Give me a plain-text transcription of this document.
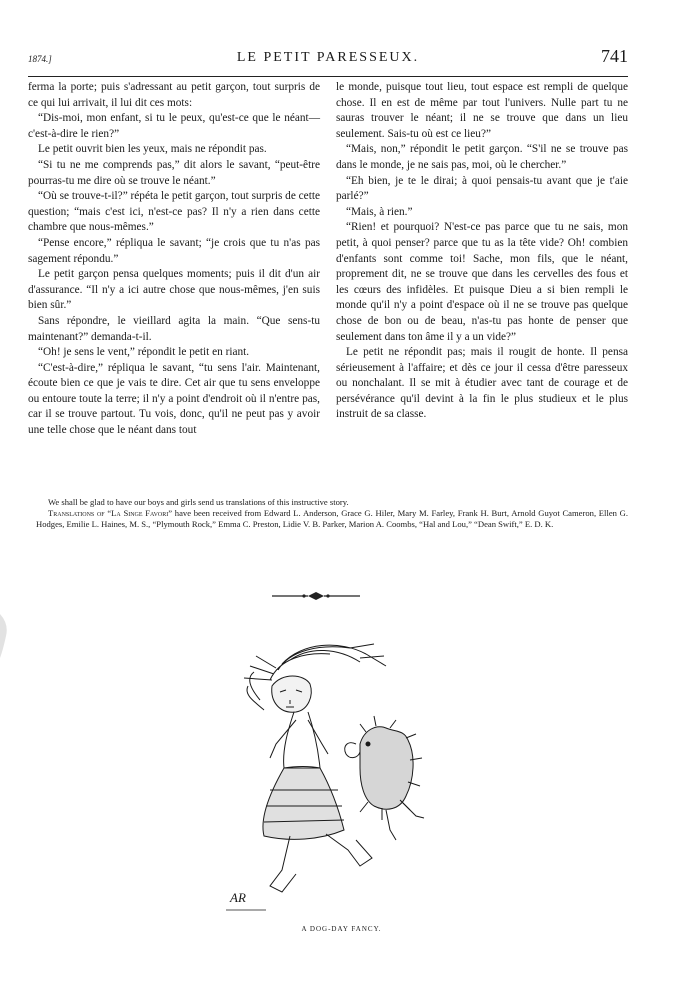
1874.]	LE PETIT PARESSEUX.	741

ferma la porte; puis s'adressant au petit garçon, tout surpris de ce qui lui arrivait, il lui dit ces mots:

“Dis-moi, mon enfant, si tu le peux, qu'est-ce que le néant—c'est-à-dire le rien?”

Le petit ouvrit bien les yeux, mais ne répondit pas.

“Si tu ne me comprends pas,” dit alors le savant, “peut-être pourras-tu me dire où se trouve le néant.”

“Où se trouve-t-il?” répéta le petit garçon, tout surpris de cette question; “mais c'est ici, n'est-ce pas? Il n'y a rien dans cette chambre que nous-mêmes.”

“Pense encore,” répliqua le savant; “je crois que tu n'as pas sagement répondu.”

Le petit garçon pensa quelques moments; puis il dit d'un air d'assurance. “Il n'y a ici autre chose que nous-mêmes, j'en suis bien sûr.”

Sans répondre, le vieillard agita la main. “Que sens-tu maintenant?” demanda-t-il.

“Oh! je sens le vent,” répondit le petit en riant.

“C'est-à-dire,” répliqua le savant, “tu sens l'air. Maintenant, écoute bien ce que je vais te dire. Cet air que tu sens enveloppe ou entoure toute la terre; il n'y a point d'endroit où il n'entre pas, car il se trouve partout. Tu vois, donc, qu'il ne peut pas y avoir une telle chose que le néant dans tout

le monde, puisque tout lieu, tout espace est rempli de quelque chose. Il en est de même par tout l'univers. Nulle part tu ne sauras trouver le néant; il ne se trouve que dans un lieu seulement. Sais-tu où est ce lieu?”

“Mais, non,” répondit le petit garçon. “S'il ne se trouve pas dans le monde, je ne sais pas, moi, où le chercher.”

“Eh bien, je te le dirai; à quoi pensais-tu avant que je t'aie parlé?”

“Mais, à rien.”

“Rien! et pourquoi? N'est-ce pas parce que tu ne sais, mon petit, à quoi penser? parce que tu as la tête vide? Oh! combien d'enfants sont comme toi! Sache, mon fils, que le néant, proprement dit, ne se trouve que dans les cervelles des fous et les cœurs des infidèles. Et puisque Dieu a si bien rempli le monde qu'il n'y a point d'espace où il ne se trouve pas quelque chose de bon ou de beau, n'as-tu pas honte de penser que seulement dans ton âme il y a un vide?”

Le petit ne répondit pas; mais il rougit de honte. Il pensa sérieusement à l'affaire; et dès ce jour il cessa d'être paresseux ou nonchalant. Il se mit à étudier avec tant de courage et de persévérance qu'il devint à la fin le plus studieux et le plus instruit de sa classe.

We shall be glad to have our boys and girls send us translations of this instructive story.

Translations of “La Singe Favori” have been received from Edward L. Anderson, Grace G. Hiler, Mary M. Farley, Frank H. Burt, Arnold Guyot Cameron, Ellen G. Hodges, Emilie L. Haines, M. S., “Plymouth Rock,” Emma C. Preston, Lidie V. B. Parker, Marion A. Coombs, “Hal and Lou,” “Dean Swift,” E. D. K.

AR
A DOG-DAY FANCY.
